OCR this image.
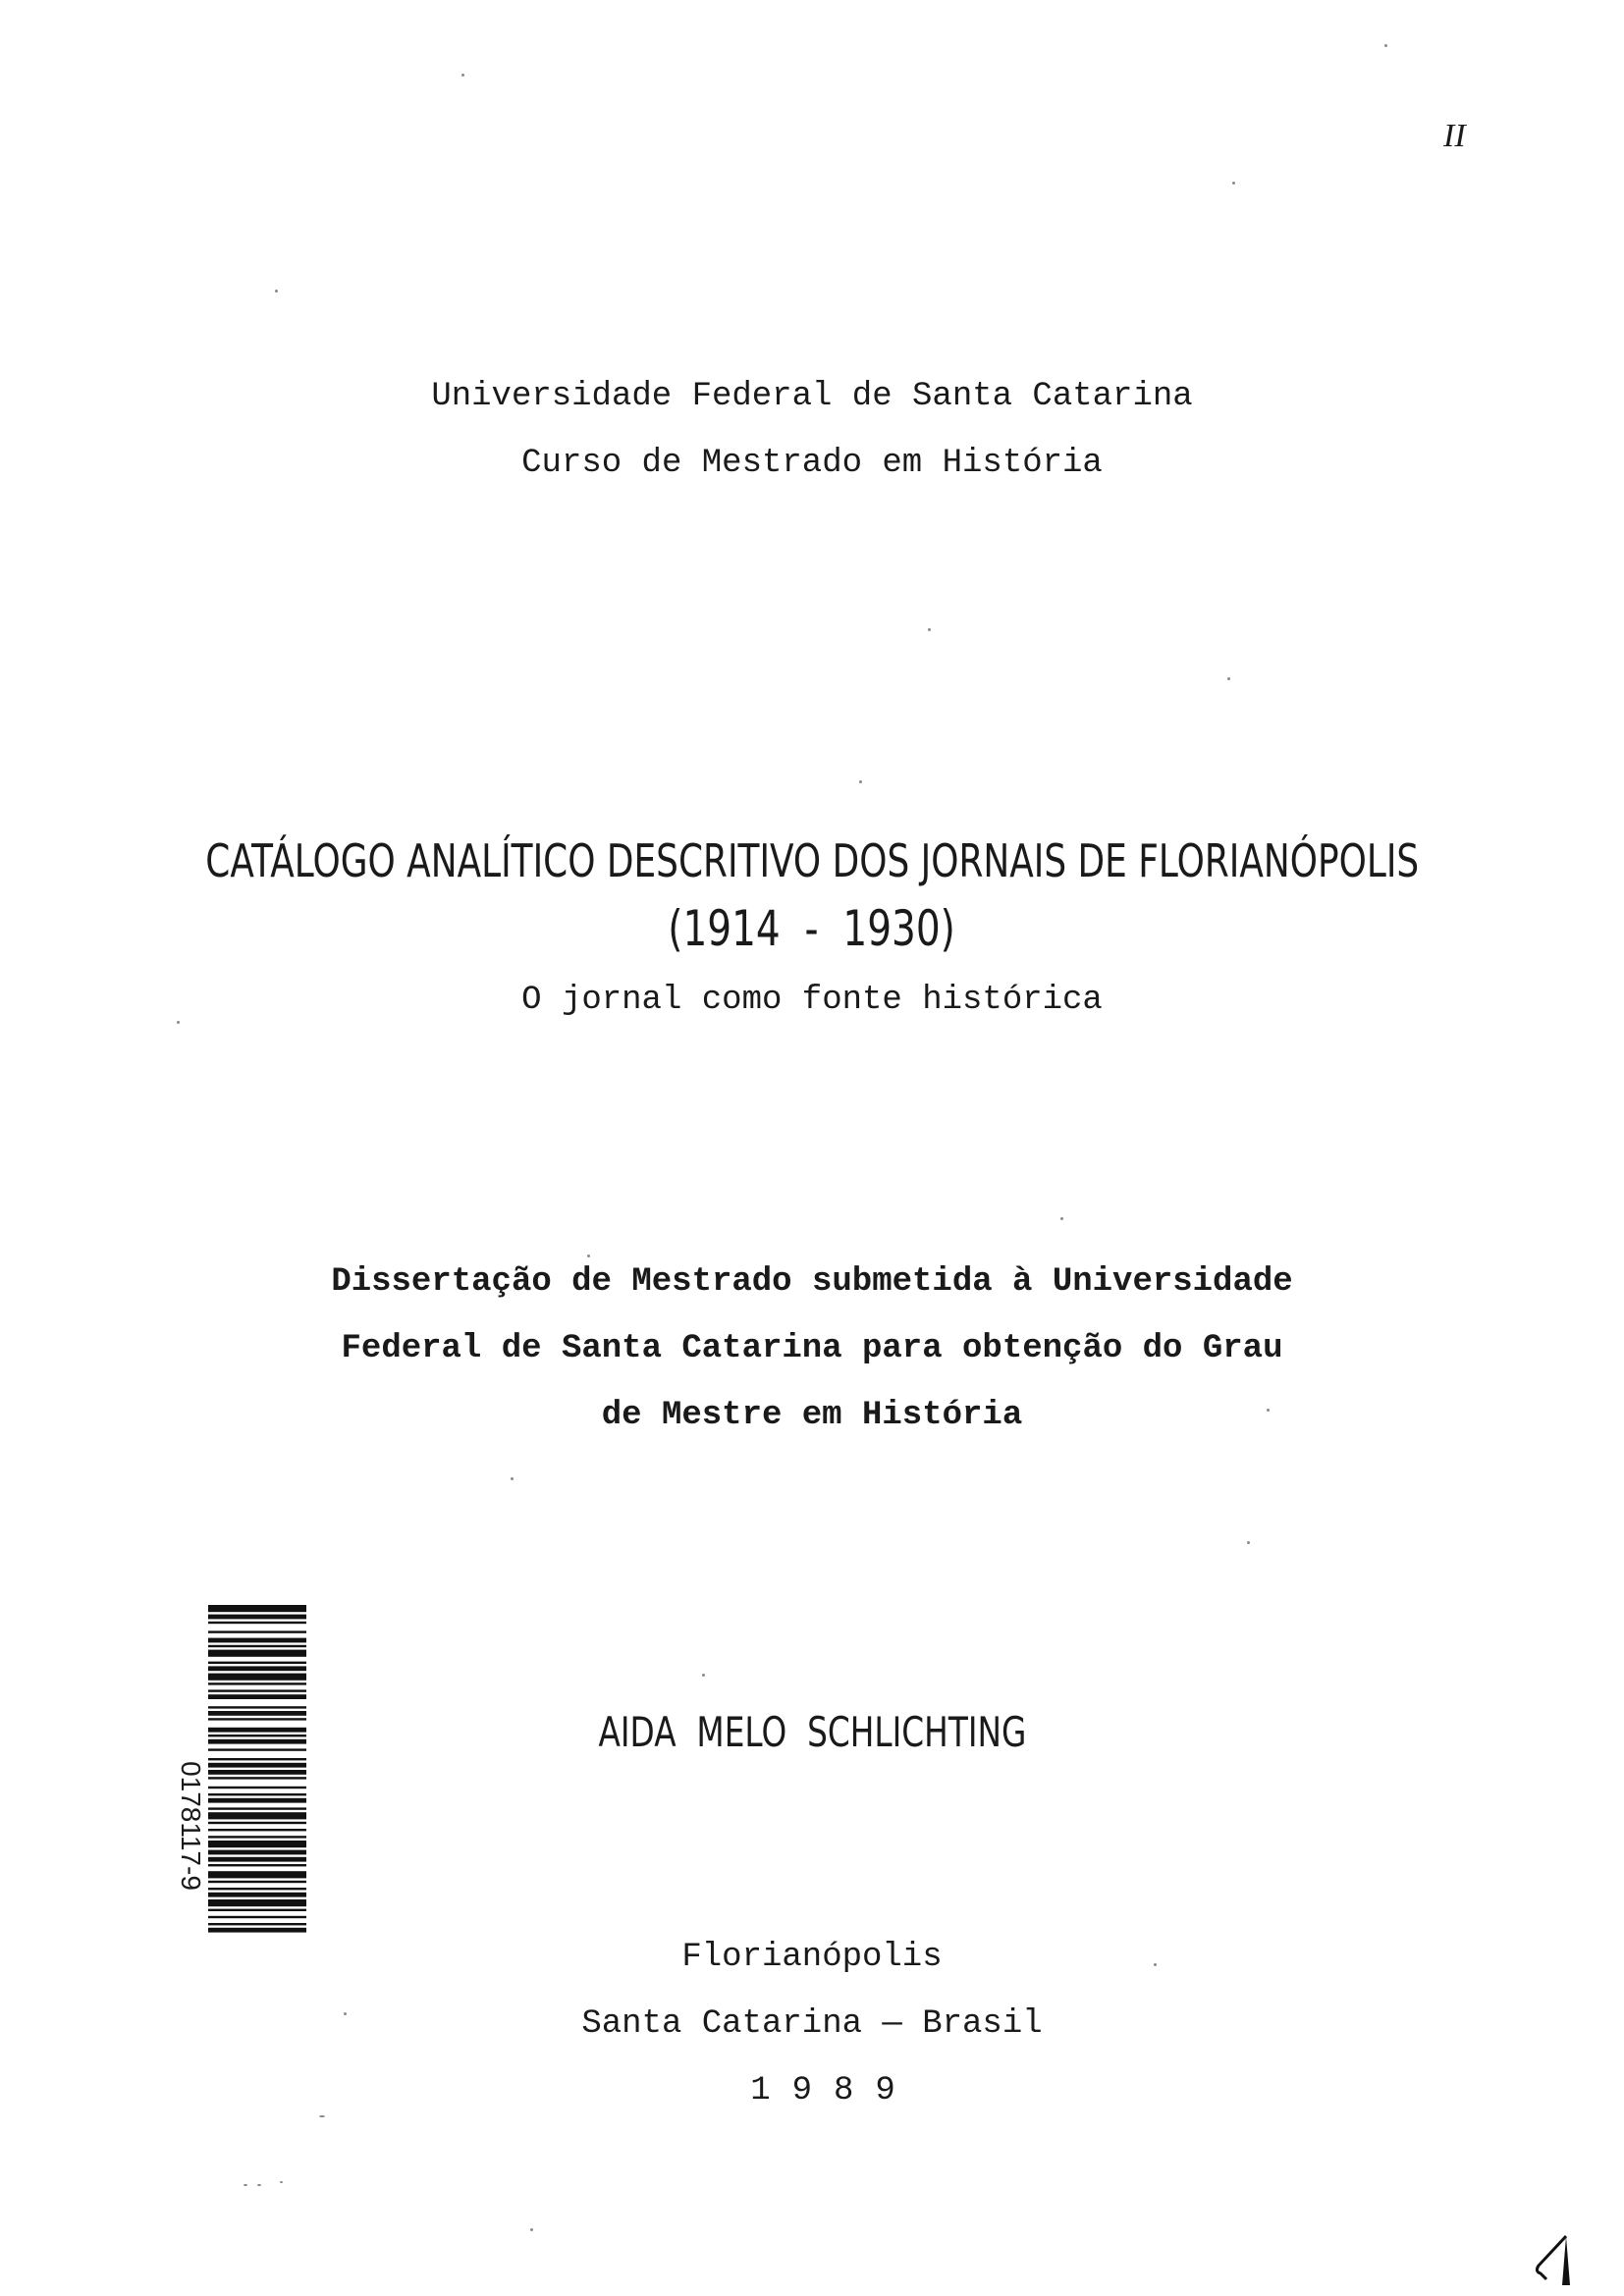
II
Universidade Federal de Santa Catarina
Curso de Mestrado em História
CATÁLOGO ANALÍTICO DESCRITIVO DOS JORNAIS DE FLORIANÓPOLIS
(1914  -  1930)
O jornal como fonte histórica
Dissertação de Mestrado submetida à Universidade
Federal de Santa Catarina para obtenção do Grau
de Mestre em História
AIDA  MELO  SCHLICHTING
Florianópolis
Santa Catarina — Brasil
1989
0178117-9
